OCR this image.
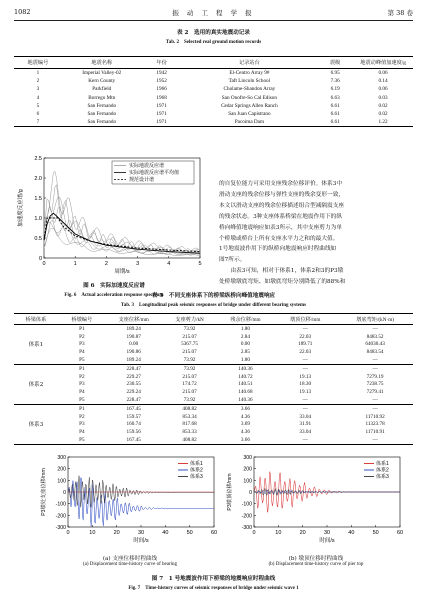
1082	振 动 工 程 学 报	第 38 卷
表 2　选用的真实地震动记录
Tab. 2　Selected real ground motion records
地震编号	地震名称	年份	记录站台	震级	地震动峰值加速度/g
1	Imperial Valley-02	1942	El-Centro Array 9#	6.95	0.06
2	Kern County	1952	Taft Lincoln School	7.36	0.14
3	Parkfield	1966	Cholame-Shandon Array	6.19	0.06
4	Borrego Mtn	1968	San Onofre-So Cal Edison	6.63	0.03
5	San Fernando	1971	Cedar Springs Allen Ranch	6.61	0.02
6	San Fernando	1971	San Juan Capistrano	6.61	0.02
7	San Fernando	1971	Pacoima Dam	6.61	1.22
0	1	2	3	4	5
0
0.5
1.0
1.5
2.0
2.5
周期/s
加速度反应谱/g
实际地震反应谱
实际地震反应谱平均值
规范设计谱
图 6　实际加速度反应谱
Fig. 6　Actual acceleration response spectrum
的自复位能力可采用支座残余位移评价。体系3中
滑动支座的残余位移与弹性支座的残余变形一致，
本文以滑动支座的残余位移描述组合型减隔震支座
的残余状态。3种支座体系桥梁在地震作用下的纵
桥向峰值地震响应如表3所示，其中支座剪力为单
个桥墩或桥台上所有支座水平力之和的最大值。
1号地震波作用下的纵桥向地震响应时程曲线如
图7所示。
　　由表3可知，相对于体系1，体系2和3的P3墩
处桥墩墩底弯矩、如墩底弯矩分别降低了的88%和
表 3　不同支座体系下的桥梁纵桥向峰值地震响应
Tab. 3　Longitudinal peak seismic responses of bridge under different bearing systems
桥梁体系	桥墩编号	支座位移/mm	支座剪力/kN	残余位移/mm	墩顶位移/mm	墩底弯矩/(kN·m)
体系1	P1	189.24	73.92	1.80	—	—
	P2	190.87	215.07	2.84	22.03	8483.52
	P3	0.00	5367.75	0.00	189.71	64030.43
	P4	190.86	215.07	2.85	22.03	8483.54
	P5	189.24	73.92	1.80	—	—
体系2	P1	228.47	73.92	140.36	—	—
	P2	229.27	215.07	140.72	19.13	7279.19
	P3	230.55	174.72	140.51	18.30	7238.75
	P4	229.24	215.07	140.68	19.13	7279.41
	P5	228.47	73.92	140.36	—	—
体系3	P1	167.45	408.82	3.66	—	—
	P2	159.57	853.34	4.36	33.04	11710.92
	P3	160.74	817.68	3.69	31.91	11323.78
	P4	159.56	853.33	4.36	33.04	11710.91
	P5	167.45	408.82	3.66	—	—
0	10	20	30	40	50	60
-300
-200
-100
0
100
200
300
时间/s
P3墩处支座位移/mm
体系1
体系2
体系3
0	10	20	30	40	50	60
-300
-200
-100
0
100
200
300
时间/s
P3墩顶位移/mm
体系1
体系2
体系3
(a) 支座位移时程曲线
(a) Displacement time-history curve of bearing
(b) 墩顶位移时程曲线
(b) Displacement time-history curve of pier top
图 7　1 号地震波作用下桥梁的地震响应时程曲线
Fig. 7　Time-history curves of seismic responses of bridge under seismic wave 1
